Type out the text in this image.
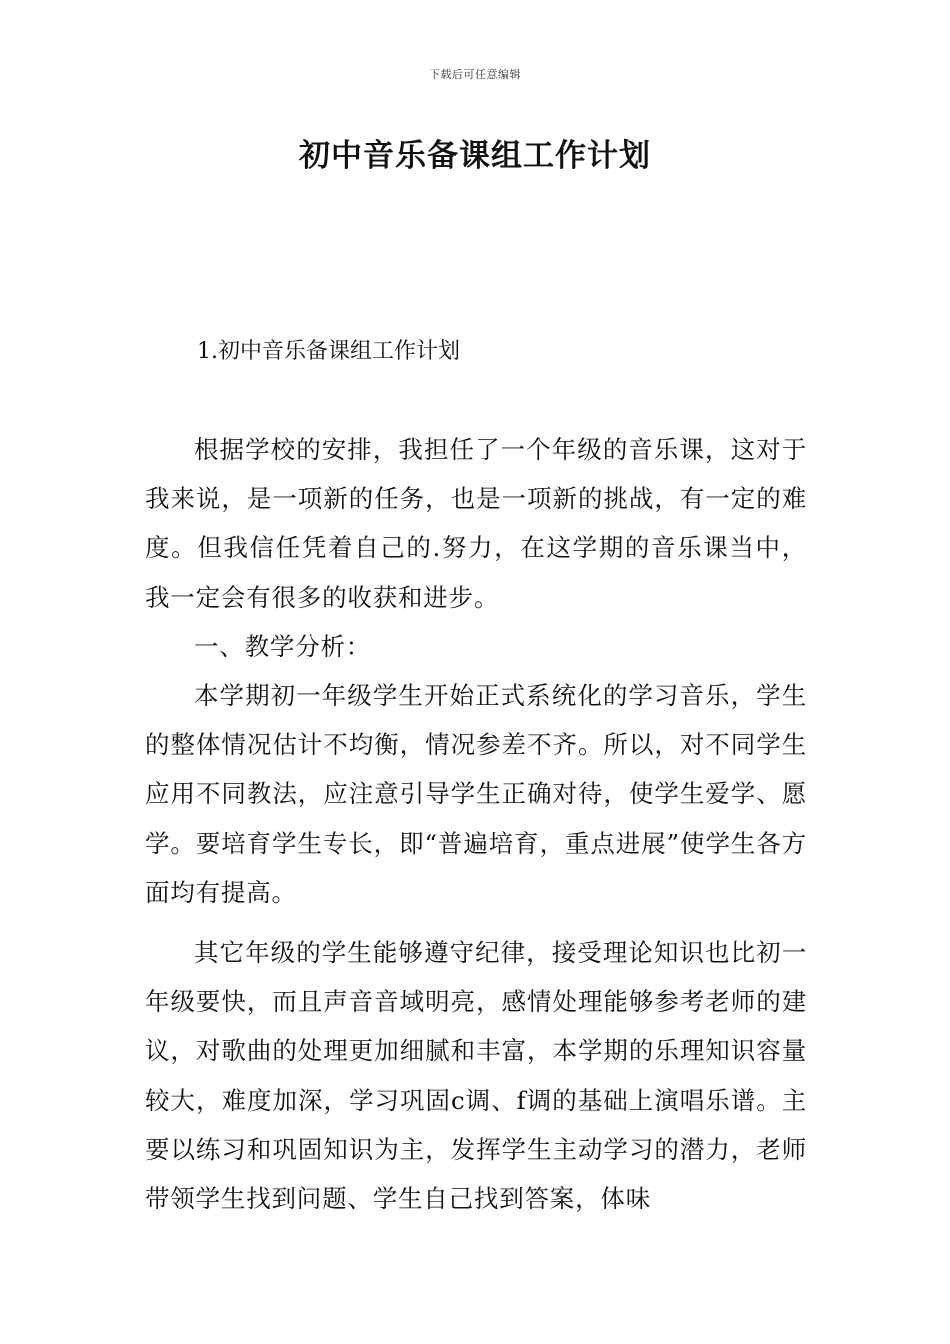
下载后可任意编辑
初中音乐备课组工作计划
1.初中音乐备课组工作计划

根据学校的安排，我担任了一个年级的音乐课，这对于我来说，是一项新的任务，也是一项新的挑战，有一定的难度。但我信任凭着自己的.努力，在这学期的音乐课当中，我一定会有很多的收获和进步。

一、教学分析：

本学期初一年级学生开始正式系统化的学习音乐，学生的整体情况估计不均衡，情况参差不齐。所以，对不同学生应用不同教法，应注意引导学生正确对待，使学生爱学、愿学。要培育学生专长，即“普遍培育，重点进展”使学生各方面均有提高。

其它年级的学生能够遵守纪律，接受理论知识也比初一年级要快，而且声音音域明亮，感情处理能够参考老师的建议，对歌曲的处理更加细腻和丰富，本学期的乐理知识容量较大，难度加深，学习巩固c调、f调的基础上演唱乐谱。主要以练习和巩固知识为主，发挥学生主动学习的潜力，老师带领学生找到问题、学生自己找到答案，体味
